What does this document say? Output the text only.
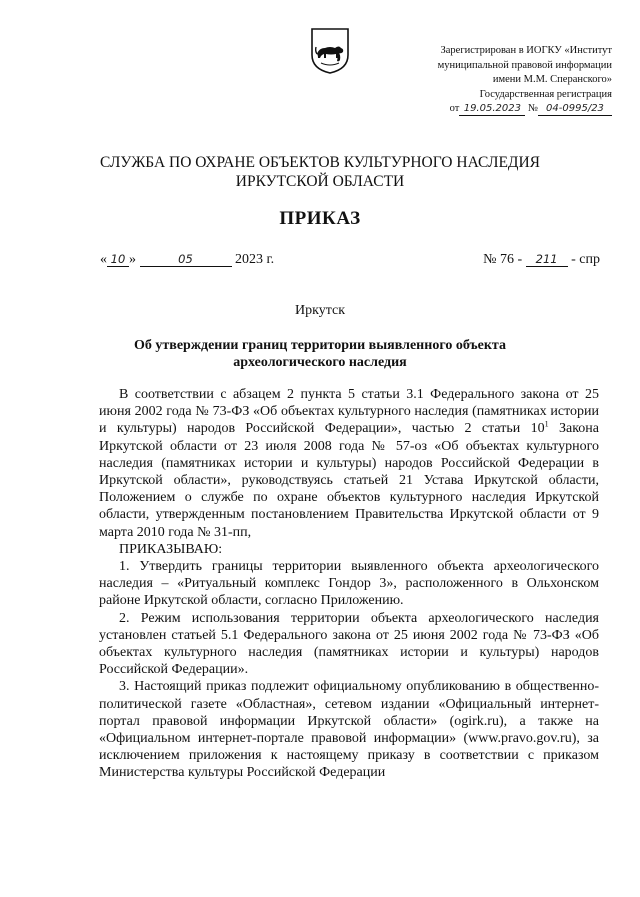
Зарегистрирован в ИОГКУ «Институт
муниципальной правовой информации
имени М.М. Сперанского»
Государственная регистрация
от 19.05.2023 № 04-0995/23
СЛУЖБА ПО ОХРАНЕ ОБЪЕКТОВ КУЛЬТУРНОГО НАСЛЕДИЯ
ИРКУТСКОЙ ОБЛАСТИ
ПРИКАЗ
« 10 »	05	2023 г.	№ 76 - 211 - спр
Иркутск
Об утверждении границ территории выявленного объекта
археологического наследия

В соответствии с абзацем 2 пункта 5 статьи 3.1 Федерального закона от 25 июня 2002 года № 73-ФЗ «Об объектах культурного наследия (памятниках истории и культуры) народов Российской Федерации», частью 2 статьи $10^1$ Закона Иркутской области от 23 июля 2008 года № 57-оз «Об объектах культурного наследия (памятниках истории и культуры) народов Российской Федерации в Иркутской области», руководствуясь статьей 21 Устава Иркутской области, Положением о службе по охране объектов культурного наследия Иркутской области, утвержденным постановлением Правительства Иркутской области от 9 марта 2010 года № 31-пп,

ПРИКАЗЫВАЮ:

1. Утвердить границы территории выявленного объекта археологического наследия – «Ритуальный комплекс Гондор 3», расположенного в Ольхонском районе Иркутской области, согласно Приложению.

2. Режим использования территории объекта археологического наследия установлен статьей 5.1 Федерального закона от 25 июня 2002 года № 73-ФЗ «Об объектах культурного наследия (памятниках истории и культуры) народов Российской Федерации».

3. Настоящий приказ подлежит официальному опубликованию в общественно-политической газете «Областная», сетевом издании «Официальный интернет-портал правовой информации Иркутской области» (ogirk.ru), а также на «Официальном интернет-портале правовой информации» (www.pravo.gov.ru), за исключением приложения к настоящему приказу в соответствии с приказом Министерства культуры Российской Федерации
